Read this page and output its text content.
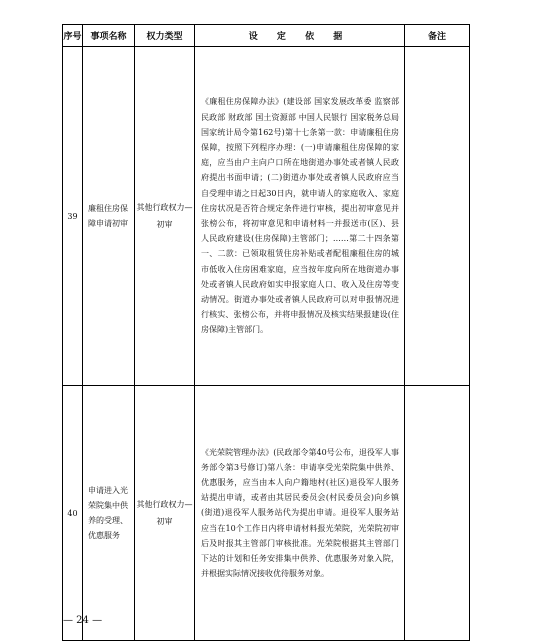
序号	事项名称	权力类型	设 定 依 据	备注
39	廉租住房保障申请初审	其他行政权力—初审	《廉租住房保障办法》(建设部 国家发展改革委 监察部 民政部 财政部 国土资源部 中国人民银行 国家税务总局 国家统计局令第162号)第十七条第一款：申请廉租住房保障，按照下列程序办理：(一)申请廉租住房保障的家庭，应当由户主向户口所在地街道办事处或者镇人民政府提出书面申请；(二)街道办事处或者镇人民政府应当自受理申请之日起30日内，就申请人的家庭收入、家庭住房状况是否符合规定条件进行审核，提出初审意见并张榜公布，将初审意见和申请材料一并报送市(区)、县人民政府建设(住房保障)主管部门；……第二十四条第一、二款：已领取租赁住房补贴或者配租廉租住房的城市低收入住房困难家庭，应当按年度向所在地街道办事处或者镇人民政府如实申报家庭人口、收入及住房等变动情况。街道办事处或者镇人民政府可以对申报情况进行核实、张榜公布，并将申报情况及核实结果报建设(住房保障)主管部门。	
40	申请进入光荣院集中供养的受理、优惠服务	其他行政权力—初审	《光荣院管理办法》(民政部令第40号公布，退役军人事务部令第3号修订)第八条：申请享受光荣院集中供养、优惠服务，应当由本人向户籍地村(社区)退役军人服务站提出申请，或者由其居民委员会(村民委员会)向乡镇(街道)退役军人服务站代为提出申请。退役军人服务站应当在10个工作日内将申请材料报光荣院，光荣院初审后及时报其主管部门审核批准。光荣院根据其主管部门下达的计划和任务安排集中供养、优惠服务对象入院，并根据实际情况接收优待服务对象。	
— 24 —
